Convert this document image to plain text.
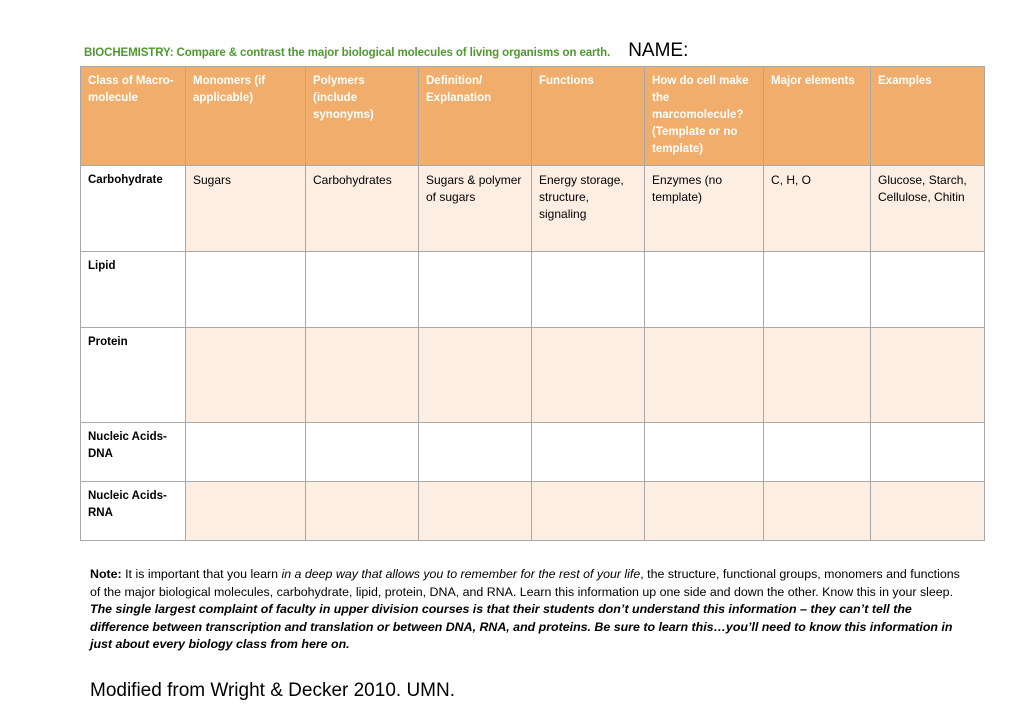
BIOCHEMISTRY: Compare & contrast the major biological molecules of living organisms on earth. NAME:
Class of Macro-molecule	Monomers (if applicable)	Polymers (include synonyms)	Definition/ Explanation	Functions	How do cell make the marcomolecule? (Template or no template)	Major elements	Examples
Carbohydrate	Sugars	Carbohydrates	Sugars & polymer of sugars	Energy storage, structure, signaling	Enzymes (no template)	C, H, O	Glucose, Starch, Cellulose, Chitin
Lipid							
Protein							
Nucleic Acids- DNA							
Nucleic Acids- RNA							
Note: It is important that you learn in a deep way that allows you to remember for the rest of your life, the structure, functional groups, monomers and functions of the major biological molecules, carbohydrate, lipid, protein, DNA, and RNA. Learn this information up one side and down the other. Know this in your sleep. The single largest complaint of faculty in upper division courses is that their students don’t understand this information – they can’t tell the difference between transcription and translation or between DNA, RNA, and proteins. Be sure to learn this…you’ll need to know this information in just about every biology class from here on.
Modified from Wright & Decker 2010. UMN.
